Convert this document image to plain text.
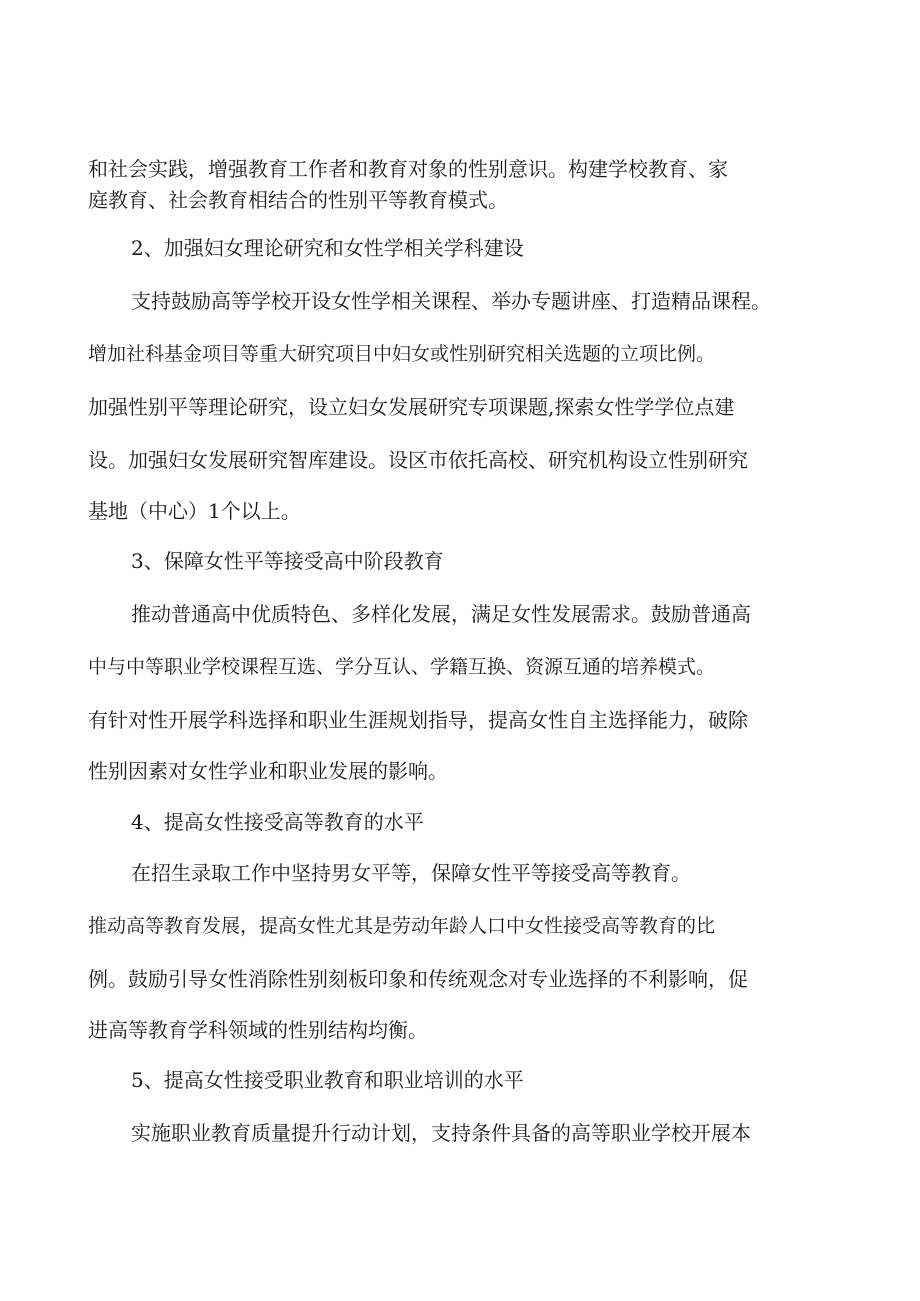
和社会实践，增强教育工作者和教育对象的性别意识。构建学校教育、家
庭教育、社会教育相结合的性别平等教育模式。
2、加强妇女理论研究和女性学相关学科建设
支持鼓励高等学校开设女性学相关课程、举办专题讲座、打造精品课程。
增加社科基金项目等重大研究项目中妇女或性别研究相关选题的立项比例。
加强性别平等理论研究，设立妇女发展研究专项课题,探索女性学学位点建
设。加强妇女发展研究智库建设。设区市依托高校、研究机构设立性别研究
基地（中心）1个以上。
3、保障女性平等接受高中阶段教育
推动普通高中优质特色、多样化发展，满足女性发展需求。鼓励普通高
中与中等职业学校课程互选、学分互认、学籍互换、资源互通的培养模式。
有针对性开展学科选择和职业生涯规划指导，提高女性自主选择能力，破除
性别因素对女性学业和职业发展的影响。
4、提高女性接受高等教育的水平
在招生录取工作中坚持男女平等，保障女性平等接受高等教育。
推动高等教育发展，提高女性尤其是劳动年龄人口中女性接受高等教育的比
例。鼓励引导女性消除性别刻板印象和传统观念对专业选择的不利影响，促
进高等教育学科领域的性别结构均衡。
5、提高女性接受职业教育和职业培训的水平
实施职业教育质量提升行动计划，支持条件具备的高等职业学校开展本
